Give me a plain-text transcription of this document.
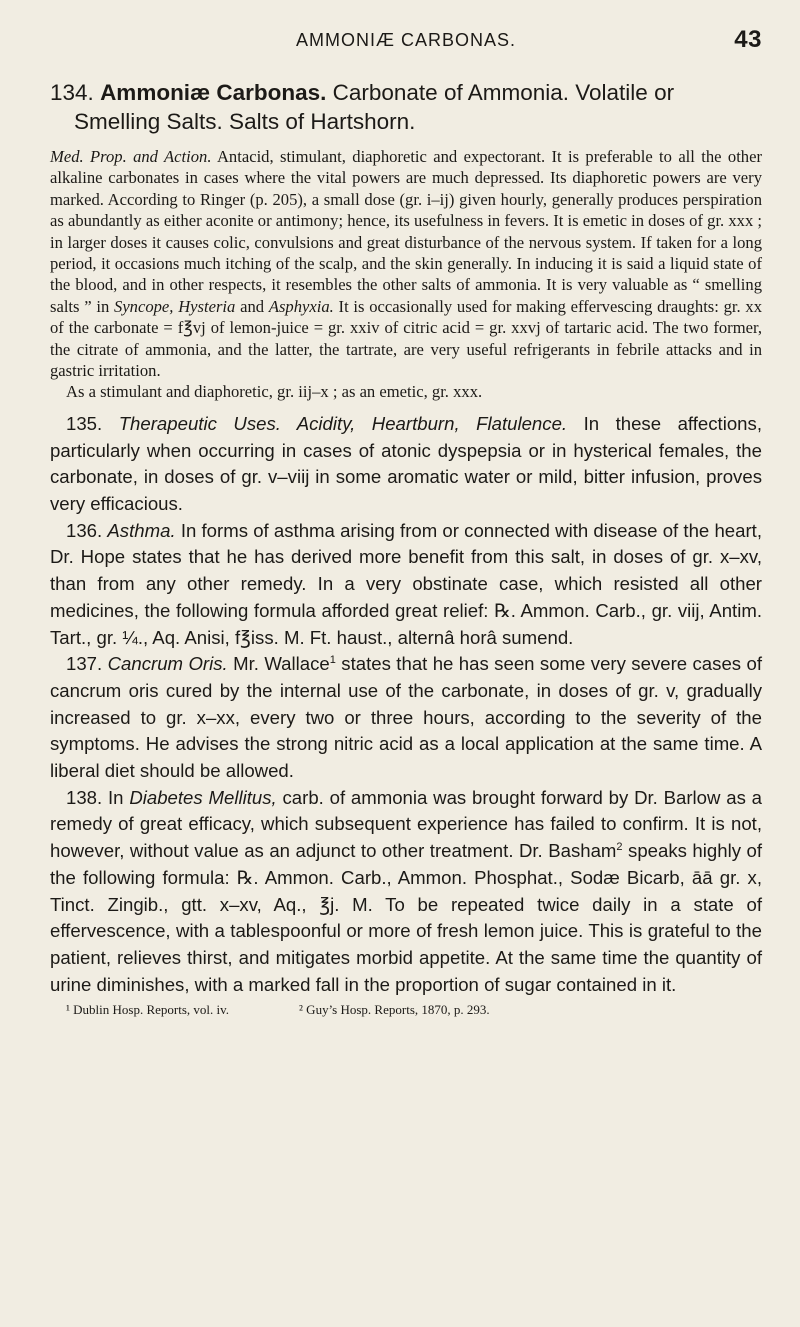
AMMONIÆ CARBONAS.	43
134. Ammoniæ Carbonas. Carbonate of Ammonia. Volatile or Smelling Salts. Salts of Hartshorn.

Med. Prop. and Action. Antacid, stimulant, diaphoretic and expectorant. It is preferable to all the other alkaline carbonates in cases where the vital powers are much depressed. Its diaphoretic powers are very marked. According to Ringer (p. 205), a small dose (gr. i–ij) given hourly, generally produces perspiration as abundantly as either aconite or antimony; hence, its usefulness in fevers. It is emetic in doses of gr. xxx ; in larger doses it causes colic, convulsions and great disturbance of the nervous system. If taken for a long period, it occasions much itching of the scalp, and the skin generally. In inducing it is said a liquid state of the blood, and in other respects, it resembles the other salts of ammonia. It is very valuable as “ smelling salts ” in Syncope, Hysteria and Asphyxia. It is occasionally used for making effervescing draughts: gr. xx of the carbonate = f℥vj of lemon-juice = gr. xxiv of citric acid = gr. xxvj of tartaric acid. The two former, the citrate of ammonia, and the latter, the tartrate, are very useful refrigerants in febrile attacks and in gastric irritation.

As a stimulant and diaphoretic, gr. iij–x ; as an emetic, gr. xxx.

135. Therapeutic Uses. Acidity, Heartburn, Flatulence. In these affections, particularly when occurring in cases of atonic dyspepsia or in hysterical females, the carbonate, in doses of gr. v–viij in some aromatic water or mild, bitter infusion, proves very efficacious.

136. Asthma. In forms of asthma arising from or connected with disease of the heart, Dr. Hope states that he has derived more benefit from this salt, in doses of gr. x–xv, than from any other remedy. In a very obstinate case, which resisted all other medicines, the following formula afforded great relief: ℞. Ammon. Carb., gr. viij, Antim. Tart., gr. ¼., Aq. Anisi, f℥iss. M. Ft. haust., alternâ horâ sumend.

137. Cancrum Oris. Mr. Wallace$^1$ states that he has seen some very severe cases of cancrum oris cured by the internal use of the carbonate, in doses of gr. v, gradually increased to gr. x–xx, every two or three hours, according to the severity of the symptoms. He advises the strong nitric acid as a local application at the same time. A liberal diet should be allowed.

138. In Diabetes Mellitus, carb. of ammonia was brought forward by Dr. Barlow as a remedy of great efficacy, which subsequent experience has failed to confirm. It is not, however, without value as an adjunct to other treatment. Dr. Basham$^2$ speaks highly of the following formula: ℞. Ammon. Carb., Ammon. Phosphat., Sodæ Bicarb, āā gr. x, Tinct. Zingib., gtt. x–xv, Aq., ℥j. M. To be repeated twice daily in a state of effervescence, with a tablespoonful or more of fresh lemon juice. This is grateful to the patient, relieves thirst, and mitigates morbid appetite. At the same time the quantity of urine diminishes, with a marked fall in the proportion of sugar contained in it.

¹ Dublin Hosp. Reports, vol. iv.	² Guy’s Hosp. Reports, 1870, p. 293.
